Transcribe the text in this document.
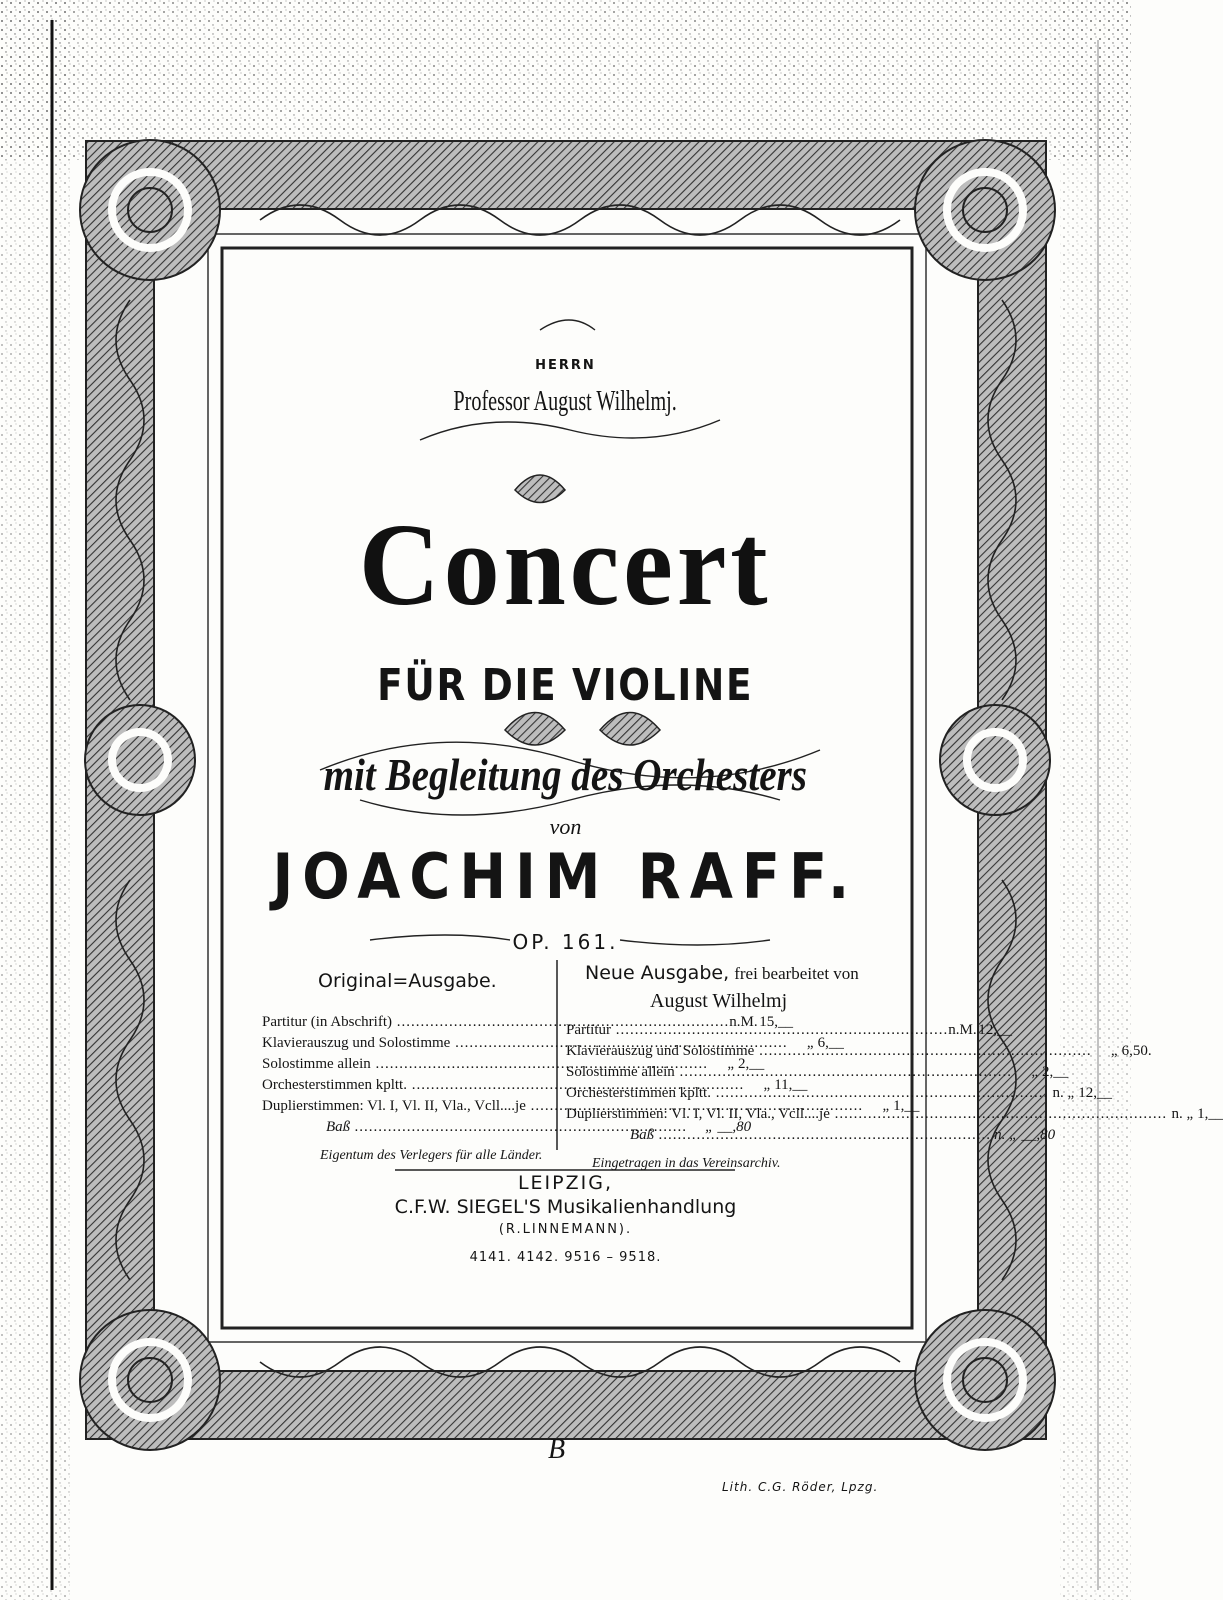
HERRN
Professor August Wilhelmj.
Concert
FÜR DIE VIOLINE
mit Begleitung des Orchesters
von
JOACHIM RAFF.
OP. 161.
Original=Ausgabe.
Partitur (in Abschrift) .....	n.M. 15,__
Klavierauszug und Solostimme .....	„ 6,__
Solostimme allein .....	„ 2,__
Orchesterstimmen kpltt. .....	„ 11,__
Duplierstimmen: Vl. I, Vl. II, Vla., Vcll....je .....	„ 1,__
Baß .....	„ __,80
Eigentum des Verlegers für alle Länder.
Neue Ausgabe, frei bearbeitet von
August Wilhelmj
Partitur .....	n.M. 12,__
Klavierauszug und Solostimme .....	„ 6,50.
Solostimme allein .....	„ 2,__
Orchesterstimmen kpltt. .....	n. „ 12,__
Duplierstimmen: Vl. I, Vl. II, Vla., Vcll....je .....	n. „ 1,__
Baß .....	n. „ __,80
Eingetragen in das Vereinsarchiv.
LEIPZIG,
C.F.W. SIEGEL'S Musikalienhandlung
(R.LINNEMANN).
4141. 4142. 9516 – 9518.
Lith. C.G. Röder, Lpzg.
B
